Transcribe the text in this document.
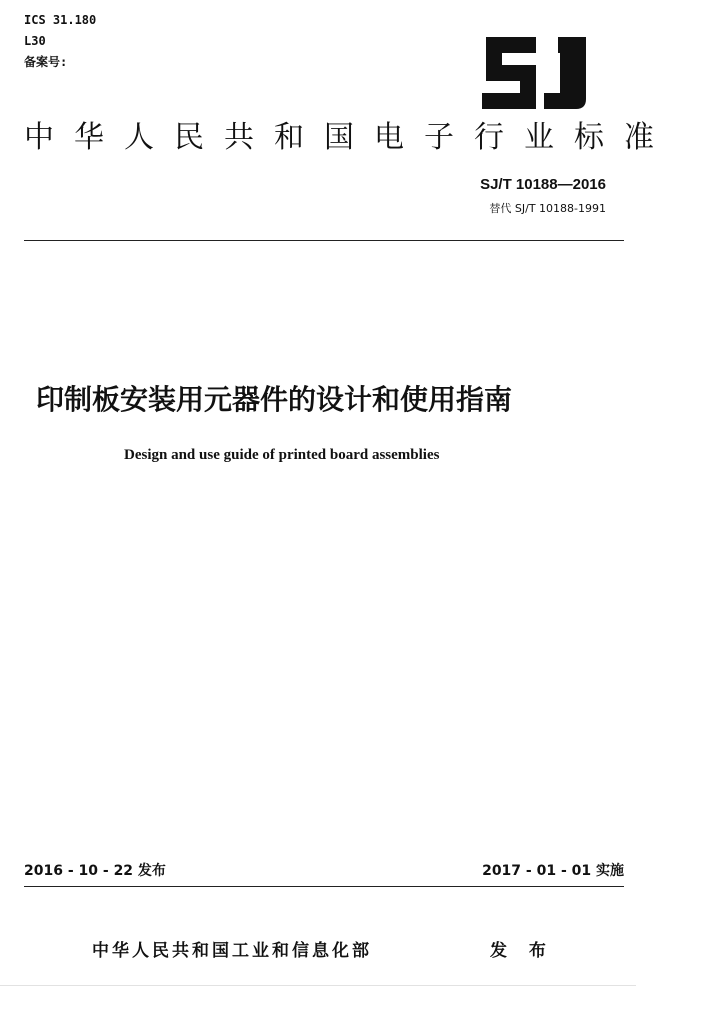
ICS 31.180
L30
备案号:
SJ
中华人民共和国电子行业标准
SJ/T 10188—2016
替代 SJ/T 10188-1991
印制板安装用元器件的设计和使用指南
Design and use guide of printed board assemblies
2016 - 10 - 22 发布	2017 - 01 - 01 实施
中华人民共和国工业和信息化部	发 布
